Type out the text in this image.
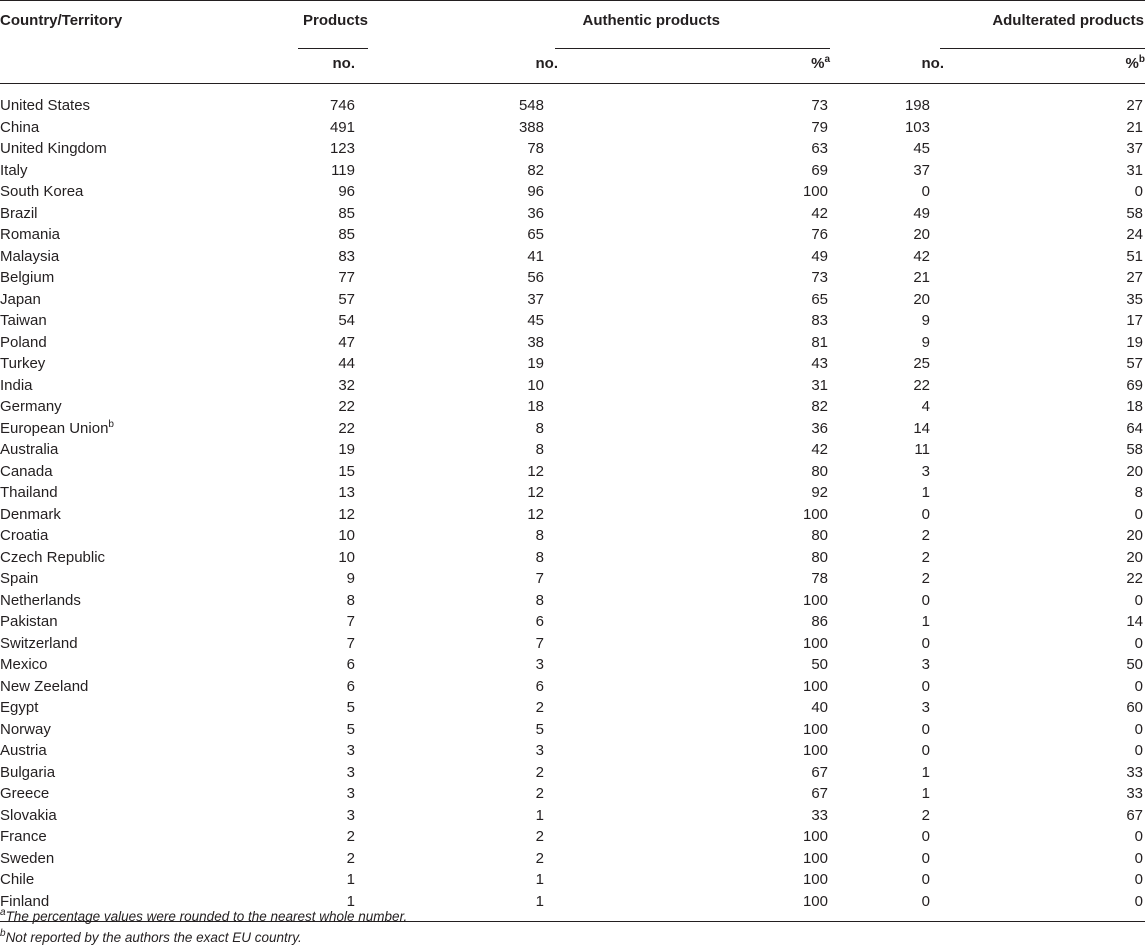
Country/Territory	Products	Authentic products		Adulterated products	

	no.	no.	%$^a$	no.	%$^b$
United States	746	548	73	198	27
China	491	388	79	103	21
United Kingdom	123	78	63	45	37
Italy	119	82	69	37	31
South Korea	96	96	100	0	0
Brazil	85	36	42	49	58
Romania	85	65	76	20	24
Malaysia	83	41	49	42	51
Belgium	77	56	73	21	27
Japan	57	37	65	20	35
Taiwan	54	45	83	9	17
Poland	47	38	81	9	19
Turkey	44	19	43	25	57
India	32	10	31	22	69
Germany	22	18	82	4	18
European Union$^b$	22	8	36	14	64
Australia	19	8	42	11	58
Canada	15	12	80	3	20
Thailand	13	12	92	1	8
Denmark	12	12	100	0	0
Croatia	10	8	80	2	20
Czech Republic	10	8	80	2	20
Spain	9	7	78	2	22
Netherlands	8	8	100	0	0
Pakistan	7	6	86	1	14
Switzerland	7	7	100	0	0
Mexico	6	3	50	3	50
New Zeeland	6	6	100	0	0
Egypt	5	2	40	3	60
Norway	5	5	100	0	0
Austria	3	3	100	0	0
Bulgaria	3	2	67	1	33
Greece	3	2	67	1	33
Slovakia	3	1	33	2	67
France	2	2	100	0	0
Sweden	2	2	100	0	0
Chile	1	1	100	0	0
Finland	1	1	100	0	0
$^a$The percentage values were rounded to the nearest whole number.
$^b$Not reported by the authors the exact EU country.
